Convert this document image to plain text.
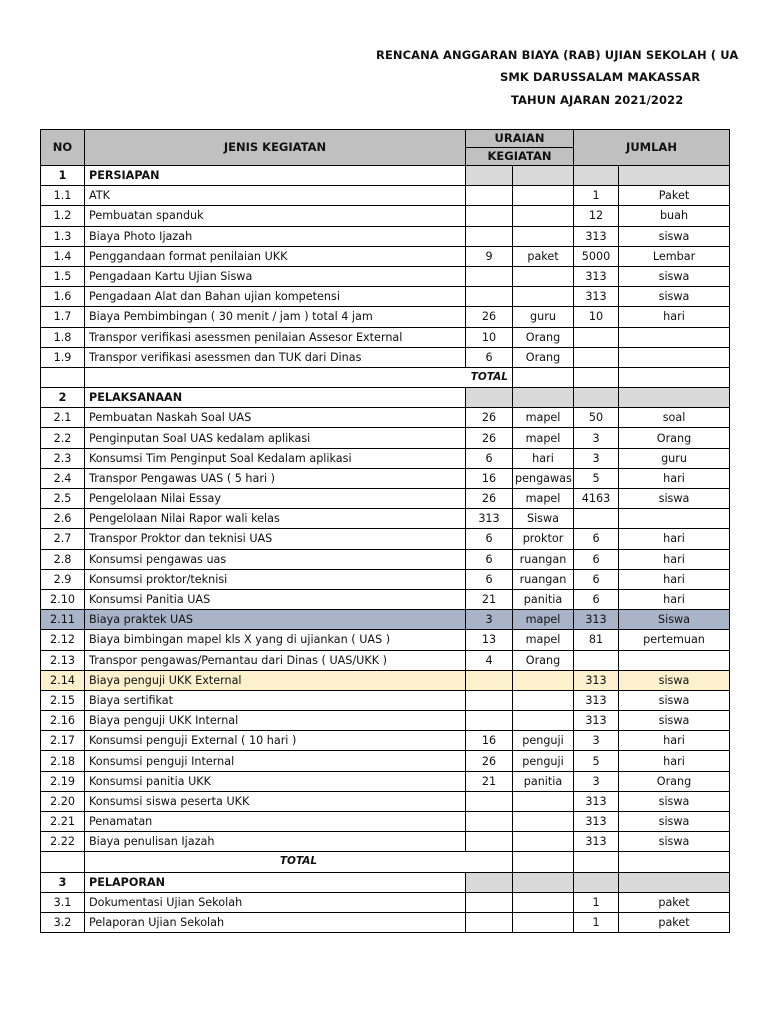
RENCANA ANGGARAN BIAYA (RAB) UJIAN SEKOLAH ( UA
SMK DARUSSALAM MAKASSAR
TAHUN AJARAN 2021/2022
NO	JENIS KEGIATAN	URAIAN		JUMLAH	
		KEGIATAN			
1	PERSIAPAN				
1.1	ATK			1	Paket
1.2	Pembuatan spanduk			12	buah
1.3	Biaya Photo Ijazah			313	siswa
1.4	Penggandaan format penilaian UKK	9	paket	5000	Lembar
1.5	Pengadaan Kartu Ujian Siswa			313	siswa
1.6	Pengadaan Alat dan Bahan ujian kompetensi			313	siswa
1.7	Biaya Pembimbingan ( 30 menit / jam ) total 4 jam	26	guru	10	hari
1.8	Transpor verifikasi asessmen penilaian Assesor External	10	Orang		
1.9	Transpor verifikasi asessmen dan TUK dari Dinas	6	Orang		
	TOTAL				
2	PELAKSANAAN				
2.1	Pembuatan Naskah Soal UAS	26	mapel	50	soal
2.2	Penginputan Soal UAS kedalam aplikasi	26	mapel	3	Orang
2.3	Konsumsi Tim Penginput Soal Kedalam aplikasi	6	hari	3	guru
2.4	Transpor Pengawas UAS ( 5 hari )	16	pengawas	5	hari
2.5	Pengelolaan Nilai Essay	26	mapel	4163	siswa
2.6	Pengelolaan Nilai Rapor wali kelas	313	Siswa		
2.7	Transpor Proktor dan teknisi UAS	6	proktor	6	hari
2.8	Konsumsi pengawas uas	6	ruangan	6	hari
2.9	Konsumsi proktor/teknisi	6	ruangan	6	hari
2.10	Konsumsi Panitia UAS	21	panitia	6	hari
2.11	Biaya praktek UAS	3	mapel	313	Siswa
2.12	Biaya bimbingan mapel kls X yang di ujiankan ( UAS )	13	mapel	81	pertemuan
2.13	Transpor pengawas/Pemantau dari Dinas ( UAS/UKK )	4	Orang		
2.14	Biaya penguji UKK External			313	siswa
2.15	Biaya sertifikat			313	siswa
2.16	Biaya penguji UKK Internal			313	siswa
2.17	Konsumsi penguji External ( 10 hari )	16	penguji	3	hari
2.18	Konsumsi penguji Internal	26	penguji	5	hari
2.19	Konsumsi panitia UKK	21	panitia	3	Orang
2.20	Konsumsi siswa peserta UKK			313	siswa
2.21	Penamatan			313	siswa
2.22	Biaya penulisan Ijazah			313	siswa
	TOTAL				
3	PELAPORAN				
3.1	Dokumentasi Ujian Sekolah			1	paket
3.2	Pelaporan Ujian Sekolah			1	paket
